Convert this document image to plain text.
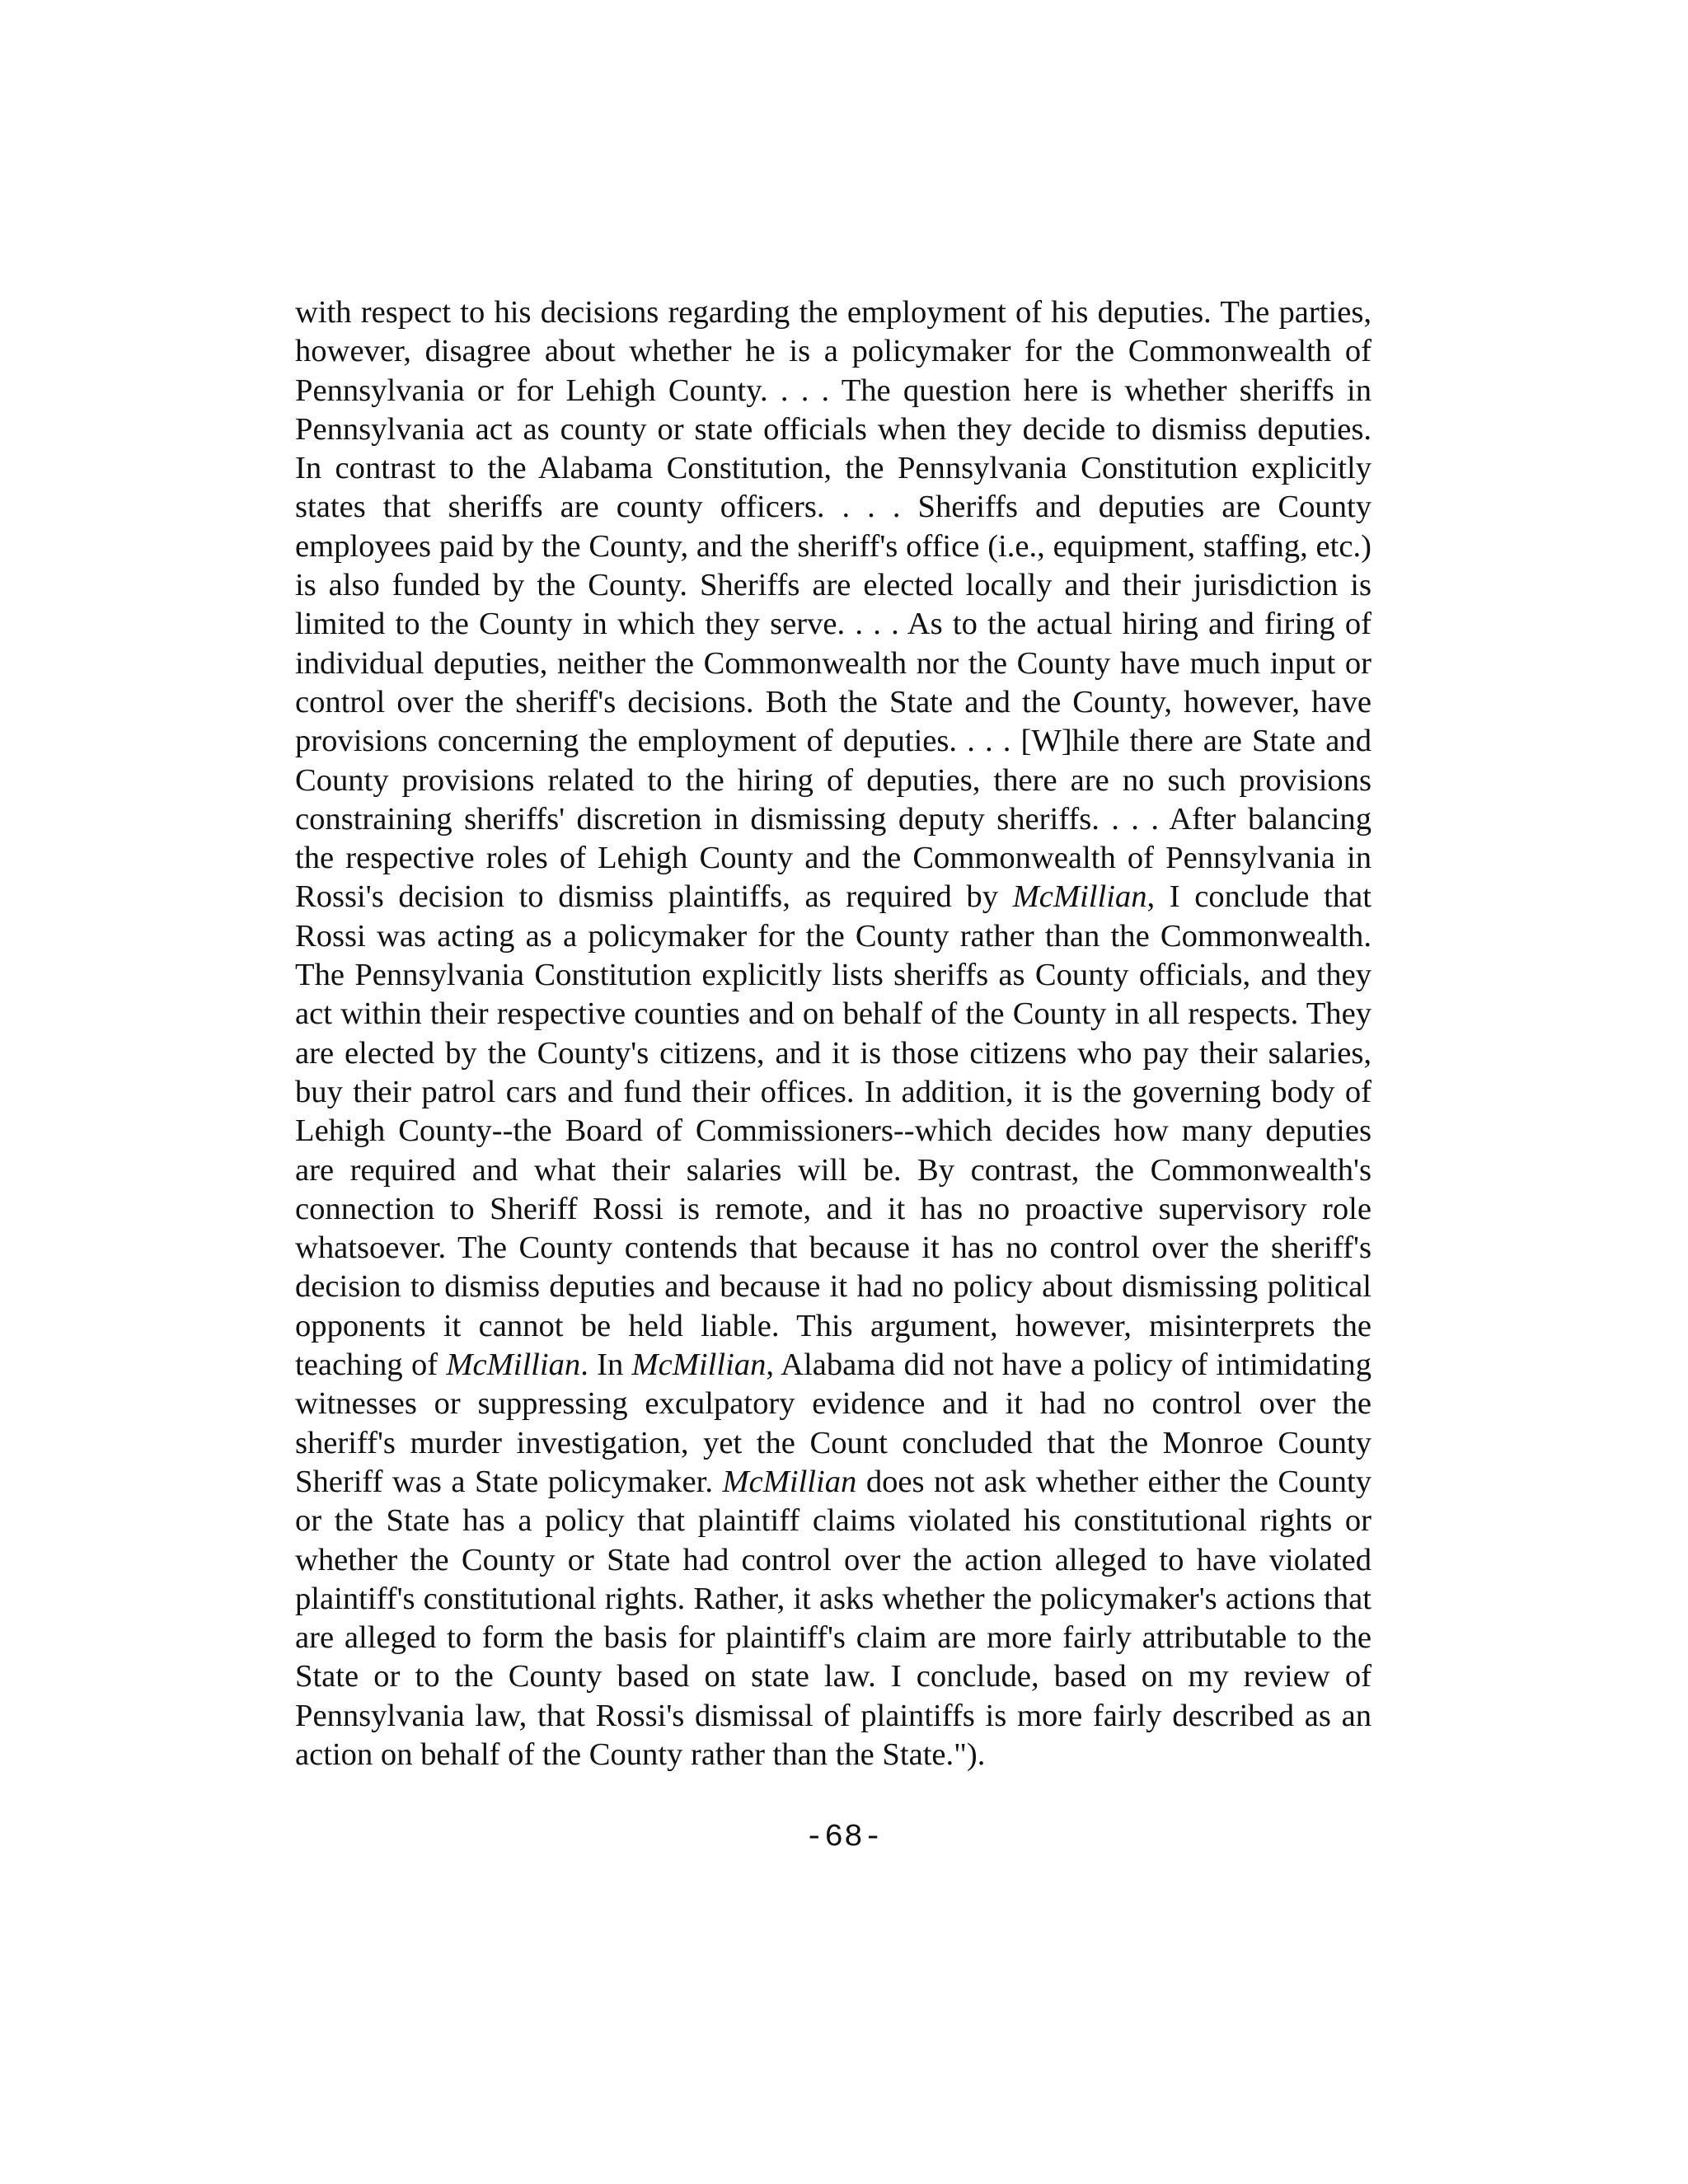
with respect to his decisions regarding the employment of his deputies. The parties, however, disagree about whether he is a policymaker for the Commonwealth of Pennsylvania or for Lehigh County. . . . The question here is whether sheriffs in Pennsylvania act as county or state officials when they decide to dismiss deputies. In contrast to the Alabama Constitution, the Pennsylvania Constitution explicitly states that sheriffs are county officers. . . . Sheriffs and deputies are County employees paid by the County, and the sheriff's office (i.e., equipment, staffing, etc.) is also funded by the County. Sheriffs are elected locally and their jurisdiction is limited to the County in which they serve. . . . As to the actual hiring and firing of individual deputies, neither the Commonwealth nor the County have much input or control over the sheriff's decisions. Both the State and the County, however, have provisions concerning the employment of deputies. . . . [W]hile there are State and County provisions related to the hiring of deputies, there are no such provisions constraining sheriffs' discretion in dismissing deputy sheriffs. . . . After balancing the respective roles of Lehigh County and the Commonwealth of Pennsylvania in Rossi's decision to dismiss plaintiffs, as required by McMillian, I conclude that Rossi was acting as a policymaker for the County rather than the Commonwealth. The Pennsylvania Constitution explicitly lists sheriffs as County officials, and they act within their respective counties and on behalf of the County in all respects. They are elected by the County's citizens, and it is those citizens who pay their salaries, buy their patrol cars and fund their offices. In addition, it is the governing body of Lehigh County--the Board of Commissioners--which decides how many deputies are required and what their salaries will be. By contrast, the Commonwealth's connection to Sheriff Rossi is remote, and it has no proactive supervisory role whatsoever. The County contends that because it has no control over the sheriff's decision to dismiss deputies and because it had no policy about dismissing political opponents it cannot be held liable. This argument, however, misinterprets the teaching of McMillian. In McMillian, Alabama did not have a policy of intimidating witnesses or suppressing exculpatory evidence and it had no control over the sheriff's murder investigation, yet the Count concluded that the Monroe County Sheriff was a State policymaker. McMillian does not ask whether either the County or the State has a policy that plaintiff claims violated his constitutional rights or whether the County or State had control over the action alleged to have violated plaintiff's constitutional rights. Rather, it asks whether the policymaker's actions that are alleged to form the basis for plaintiff's claim are more fairly attributable to the State or to the County based on state law. I conclude, based on my review of Pennsylvania law, that Rossi's dismissal of plaintiffs is more fairly described as an action on behalf of the County rather than the State.").

-68-
